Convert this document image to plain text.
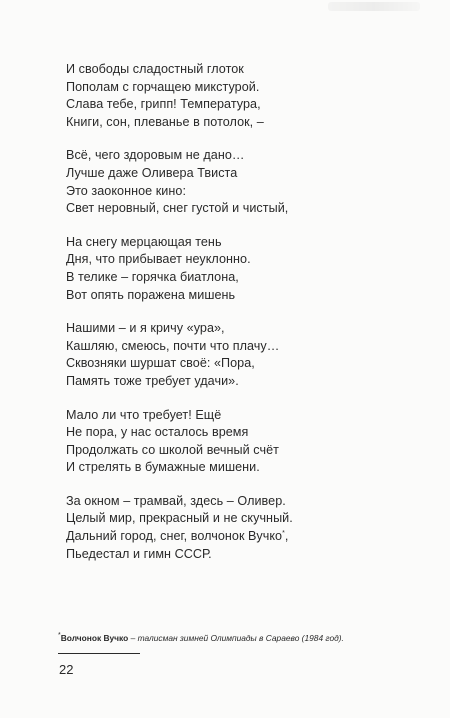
И свободы сладостный глоток
Пополам с горчащею микстурой.
Слава тебе, грипп! Температура,
Книги, сон, плеванье в потолок, –
Всё, чего здоровым не дано…
Лучше даже Оливера Твиста
Это заоконное кино:
Свет неровный, снег густой и чистый,
На снегу мерцающая тень
Дня, что прибывает неуклонно.
В телике – горячка биатлона,
Вот опять поражена мишень
Нашими – и я кричу «ура»,
Кашляю, смеюсь, почти что плачу…
Сквозняки шуршат своё: «Пора,
Память тоже требует удачи».
Мало ли что требует! Ещё
Не пора, у нас осталось время
Продолжать со школой вечный счёт
И стрелять в бумажные мишени.
За окном – трамвай, здесь – Оливер.
Целый мир, прекрасный и не скучный.
Дальний город, снег, волчонок Вучко*,
Пьедестал и гимн СССР.
*Волчонок Вучко – талисман зимней Олимпиады в Сараево (1984 год).
22
